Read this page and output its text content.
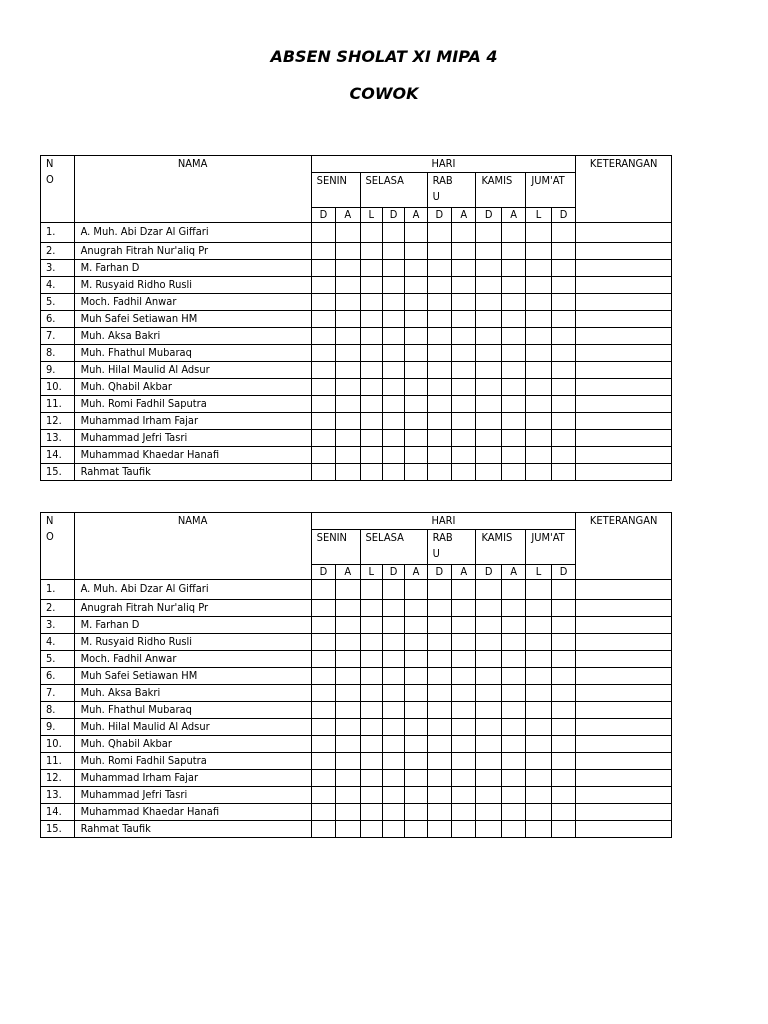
ABSEN SHOLAT XI MIPA 4
COWOK
N O	NAMA	HARI											KETERANGAN
		SENIN		SELASA			RAB U		KAMIS		JUM'AT		
		D	A	L	D	A	D	A	D	A	L	D	
1.	A. Muh. Abi Dzar Al Giffari												
2.	Anugrah Fitrah Nur'aliq Pr												
3.	M. Farhan D												
4.	M. Rusyaid Ridho Rusli												
5.	Moch. Fadhil Anwar												
6.	Muh Safei Setiawan HM												
7.	Muh. Aksa Bakri												
8.	Muh. Fhathul Mubaraq												
9.	Muh. Hilal Maulid Al Adsur												
10.	Muh. Qhabil Akbar												
11.	Muh. Romi Fadhil Saputra												
12.	Muhammad Irham Fajar												
13.	Muhammad Jefri Tasri												
14.	Muhammad Khaedar Hanafi												
15.	Rahmat Taufik												
N O	NAMA	HARI											KETERANGAN
		SENIN		SELASA			RAB U		KAMIS		JUM'AT		
		D	A	L	D	A	D	A	D	A	L	D	
1.	A. Muh. Abi Dzar Al Giffari												
2.	Anugrah Fitrah Nur'aliq Pr												
3.	M. Farhan D												
4.	M. Rusyaid Ridho Rusli												
5.	Moch. Fadhil Anwar												
6.	Muh Safei Setiawan HM												
7.	Muh. Aksa Bakri												
8.	Muh. Fhathul Mubaraq												
9.	Muh. Hilal Maulid Al Adsur												
10.	Muh. Qhabil Akbar												
11.	Muh. Romi Fadhil Saputra												
12.	Muhammad Irham Fajar												
13.	Muhammad Jefri Tasri												
14.	Muhammad Khaedar Hanafi												
15.	Rahmat Taufik												
